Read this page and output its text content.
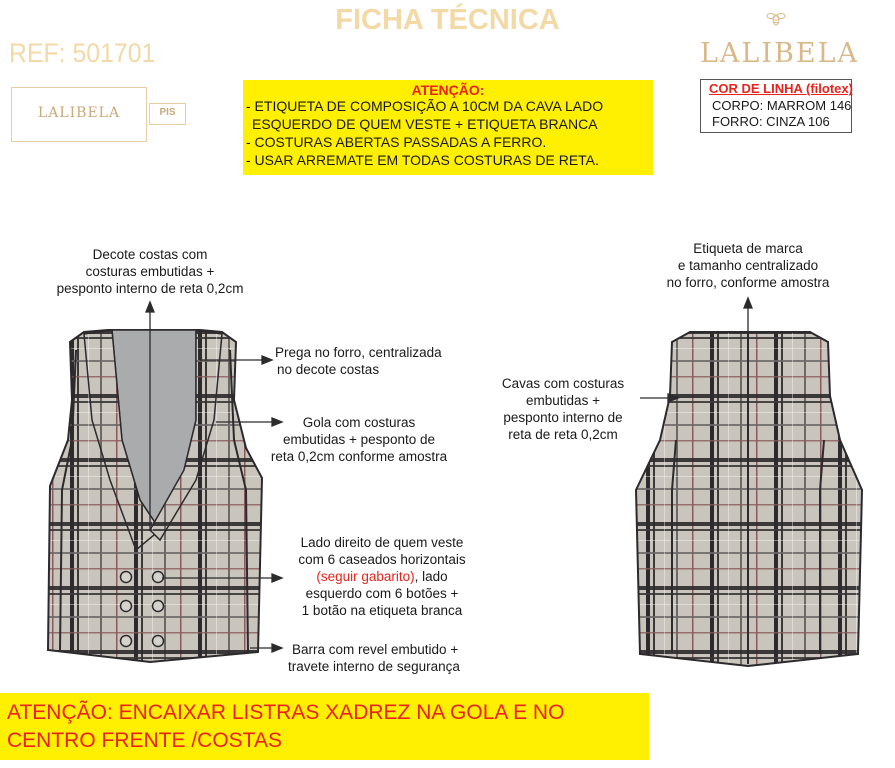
FICHA TÉCNICA
REF: 501701	LALIBELA
LALIBELA	PIS
ATENÇÃO:
- ETIQUETA DE COMPOSIÇÃO A 10CM DA CAVA LADO
ESQUERDO DE QUEM VESTE + ETIQUETA BRANCA
- COSTURAS ABERTAS PASSADAS A FERRO.
- USAR ARREMATE EM TODAS COSTURAS DE RETA.
COR DE LINHA (filotex)
CORPO: MARROM 146
FORRO: CINZA 106
Decote costas com
costuras embutidas +
pesponto interno de reta 0,2cm
Prega no forro, centralizada
no decote costas
Gola com costuras
embutidas + pesponto de
reta 0,2cm conforme amostra
Lado direito de quem veste
com 6 caseados horizontais
(seguir gabarito), lado
esquerdo com 6 botões +
1 botão na etiqueta branca
Barra com revel embutido +
travete interno de segurança
Etiqueta de marca
e tamanho centralizado
no forro, conforme amostra
Cavas com costuras
embutidas +
pesponto interno de
reta de reta 0,2cm
ATENÇÃO: ENCAIXAR LISTRAS XADREZ NA GOLA E NO
CENTRO FRENTE /COSTAS
